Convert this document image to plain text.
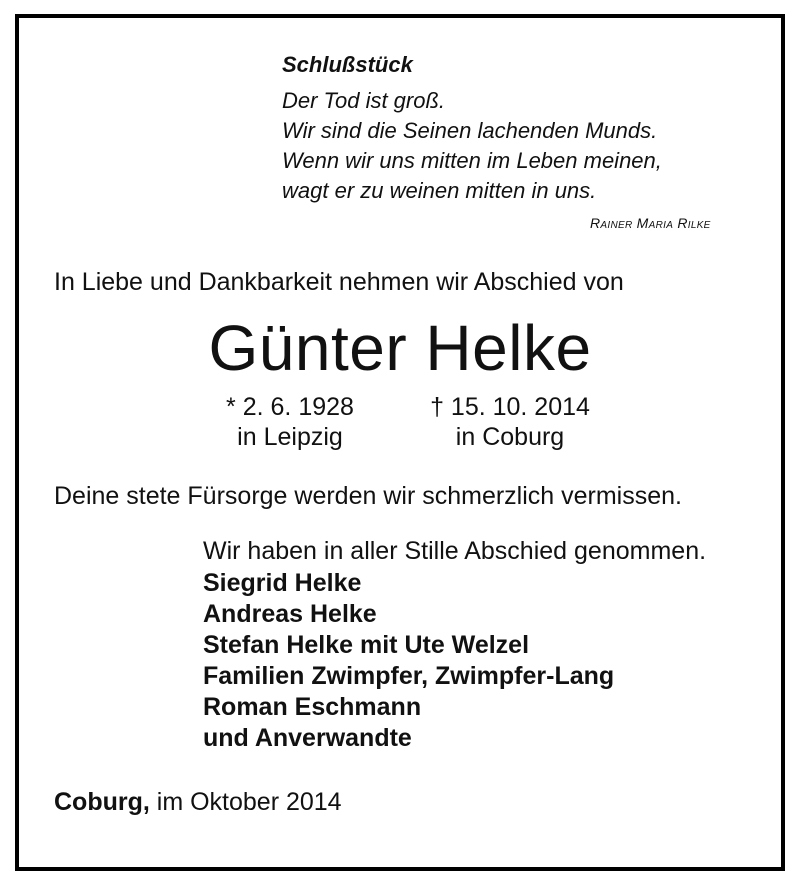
Schlußstück
Der Tod ist groß.
Wir sind die Seinen lachenden Munds.
Wenn wir uns mitten im Leben meinen,
wagt er zu weinen mitten in uns.
Rainer Maria Rilke
In Liebe und Dankbarkeit nehmen wir Abschied von
Günter Helke
* 2. 6. 1928
in Leipzig
† 15. 10. 2014
in Coburg
Deine stete Fürsorge werden wir schmerzlich vermissen.
Wir haben in aller Stille Abschied genommen.
Siegrid Helke
Andreas Helke
Stefan Helke mit Ute Welzel
Familien Zwimpfer, Zwimpfer-Lang
Roman Eschmann
und Anverwandte
Coburg, im Oktober 2014
